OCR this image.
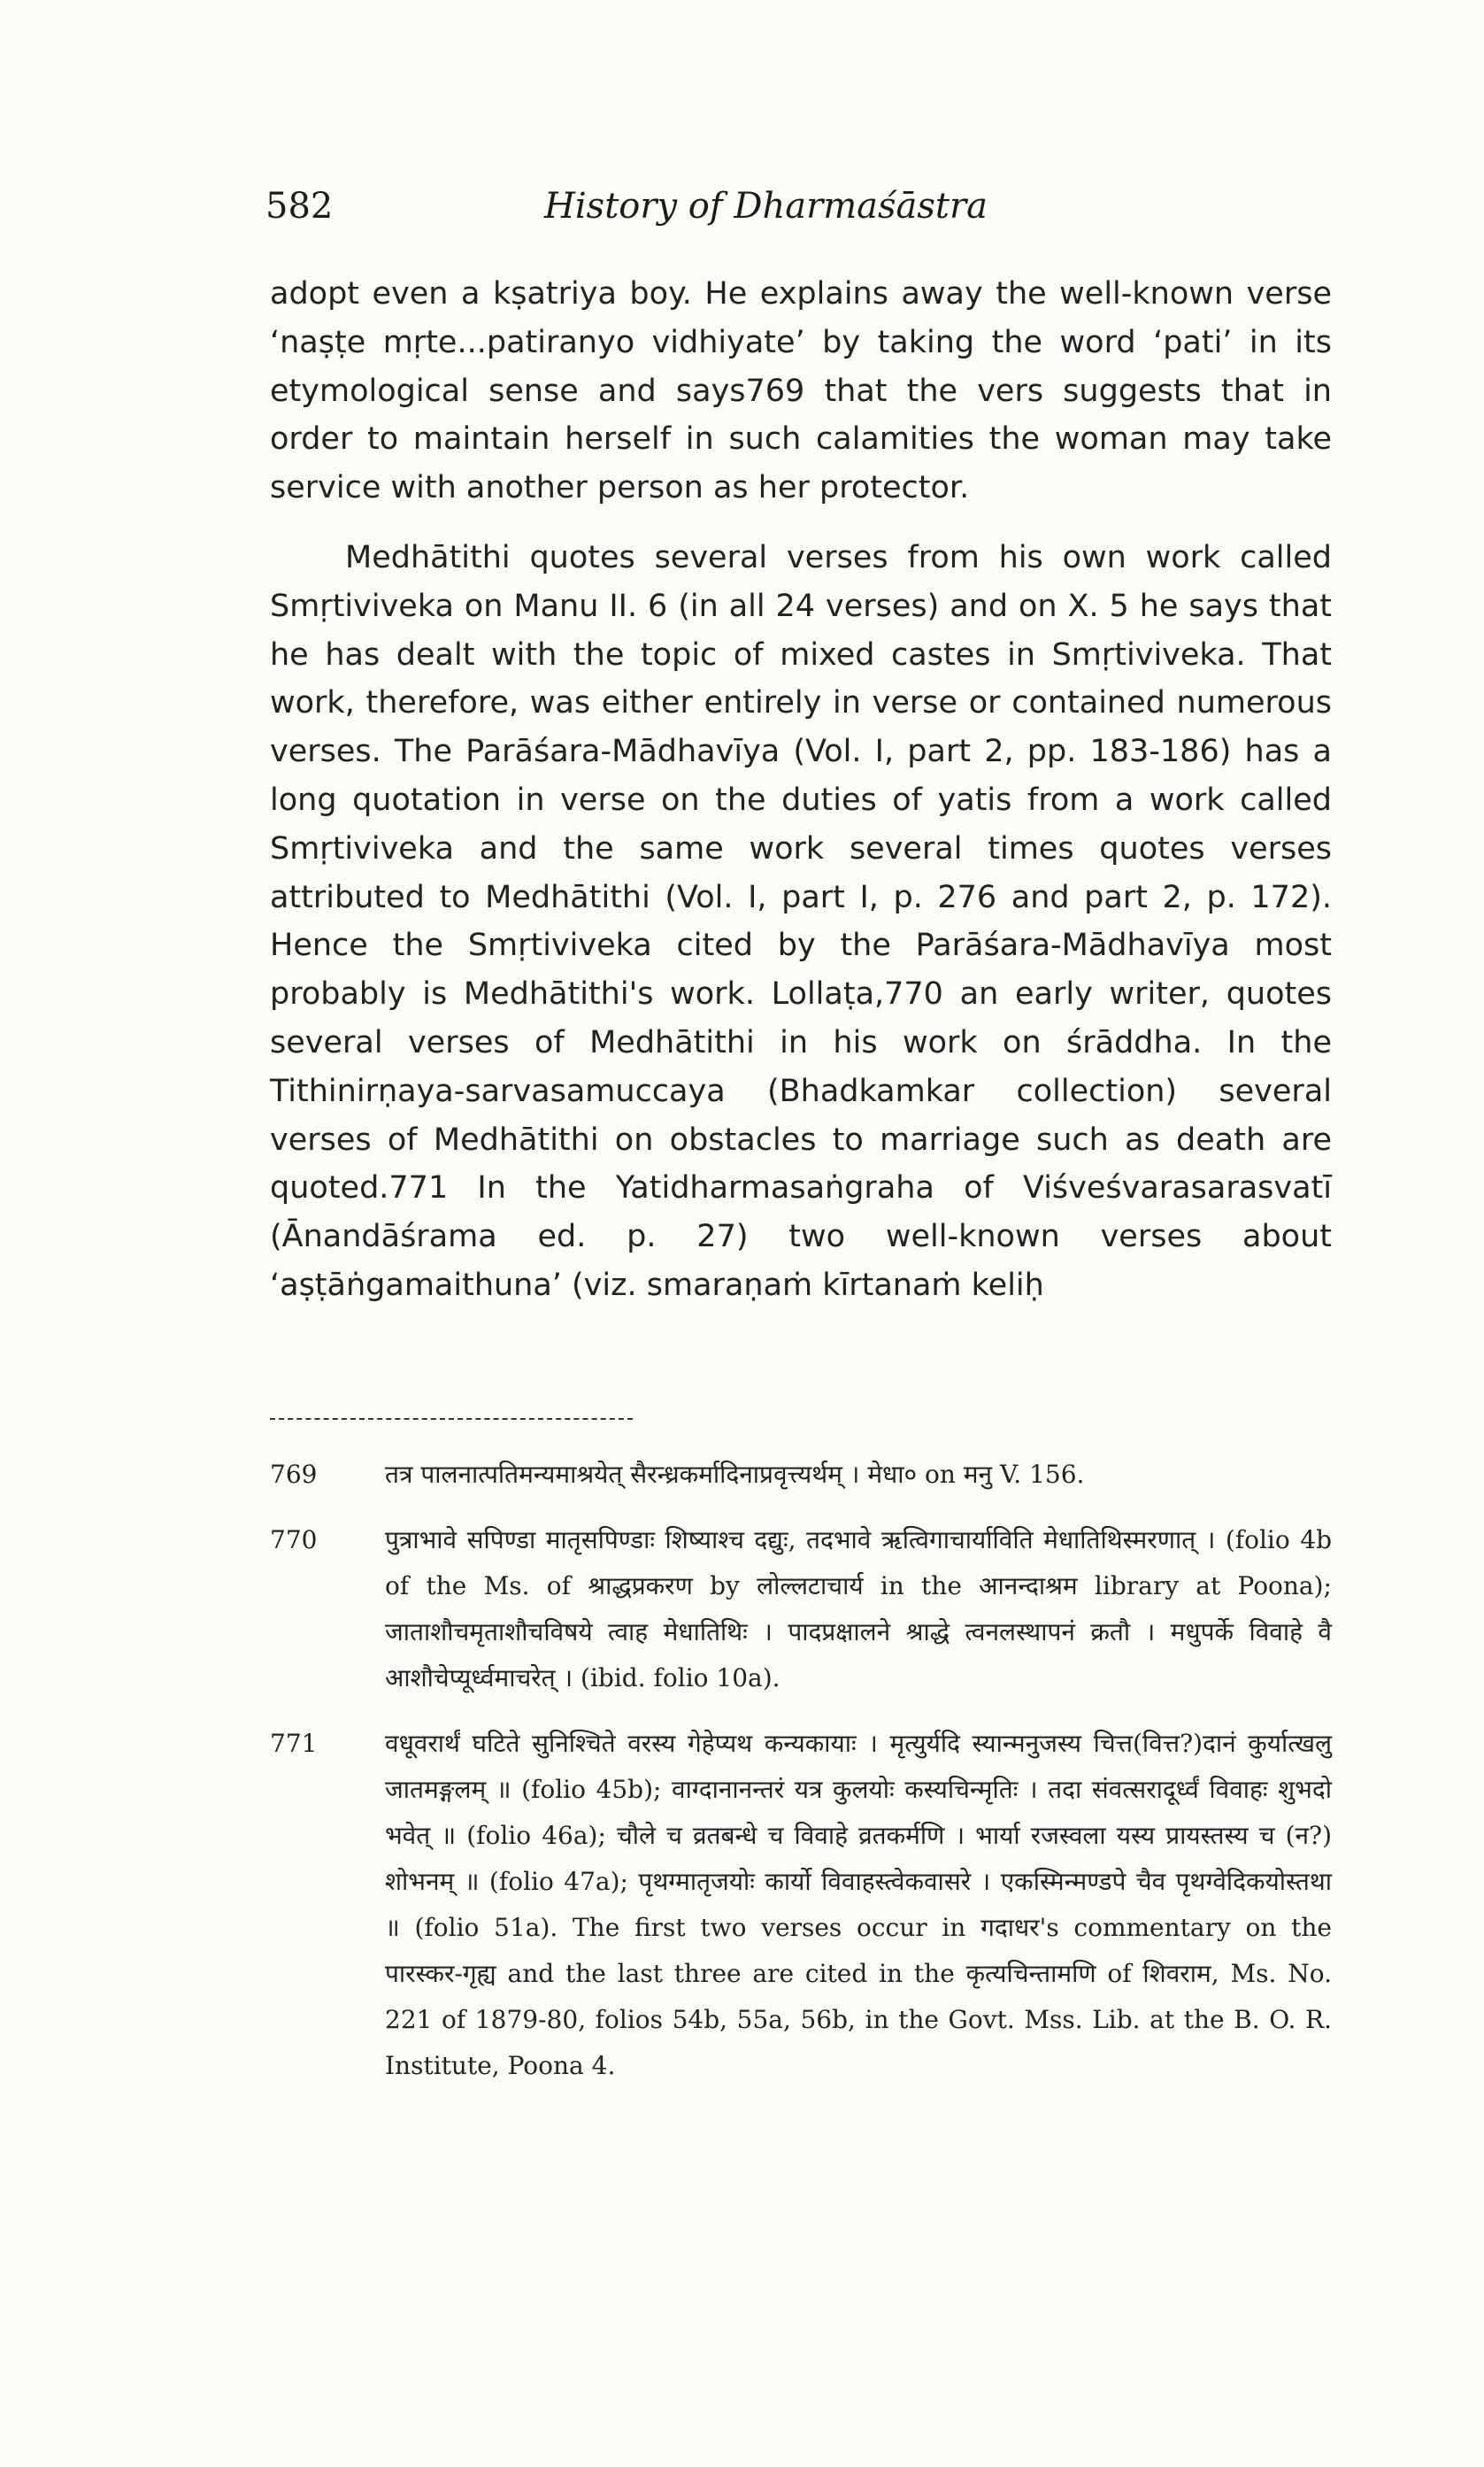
582	History of Dharmaśāstra

adopt even a kṣatriya boy. He explains away the well-known verse ‘naṣṭe mṛte...patiranyo vidhiyate’ by taking the word ‘pati’ in its etymological sense and says769 that the vers suggests that in order to maintain herself in such calamities the woman may take service with another person as her protector.

Medhātithi quotes several verses from his own work called Smṛtiviveka on Manu II. 6 (in all 24 verses) and on X. 5 he says that he has dealt with the topic of mixed castes in Smṛtiviveka. That work, therefore, was either entirely in verse or contained numerous verses. The Parāśara-Mādhavīya (Vol. I, part 2, pp. 183-186) has a long quotation in verse on the duties of yatis from a work called Smṛtiviveka and the same work several times quotes verses attributed to Medhātithi (Vol. I, part I, p. 276 and part 2, p. 172). Hence the Smṛtiviveka cited by the Parāśara-Mādhavīya most probably is Medhātithi's work. Lollaṭa,770 an early writer, quotes several verses of Medhātithi in his work on śrāddha. In the Tithinirṇaya-sarvasamuccaya (Bhadkamkar collection) several verses of Medhātithi on obstacles to marriage such as death are quoted.771 In the Yatidharmasaṅgraha of Viśveśvarasarasvatī (Ānandāśrama ed. p. 27) two well-known verses about ‘aṣṭāṅgamaithuna’ (viz. smaraṇaṁ kīrtanaṁ keliḥ

769	तत्र पालनात्पतिमन्यमाश्रयेत् सैरन्ध्रकर्मादिनाप्रवृत्त्यर्थम् । मेधा० on मनु V. 156.
770	पुत्राभावे सपिण्डा मातृसपिण्डाः शिष्याश्च दद्युः, तदभावे ऋत्विगाचार्याविति मेधातिथिस्मरणात् । (folio 4b of the Ms. of श्राद्धप्रकरण by लोल्लटाचार्य in the आनन्दाश्रम library at Poona); जाताशौचमृताशौचविषये त्वाह मेधातिथिः । पादप्रक्षालने श्राद्धे त्वनलस्थापनं क्रतौ । मधुपर्के विवाहे वै आशौचेप्यूर्ध्वमाचरेत् । (ibid. folio 10a).
771	वधूवरार्थं घटिते सुनिश्चिते वरस्य गेहेप्यथ कन्यकायाः । मृत्युर्यदि स्यान्मनुजस्य चित्त(वित्त?)दानं कुर्यात्खलु जातमङ्गलम् ॥ (folio 45b); वाग्दानानन्तरं यत्र कुलयोः कस्यचिन्मृतिः । तदा संवत्सरादूर्ध्वं विवाहः शुभदो भवेत् ॥ (folio 46a); चौले च व्रतबन्धे च विवाहे व्रतकर्मणि । भार्या रजस्वला यस्य प्रायस्तस्य च (न?) शोभनम् ॥ (folio 47a); पृथग्मातृजयोः कार्यो विवाहस्त्वेकवासरे । एकस्मिन्मण्डपे चैव पृथग्वेदिकयोस्तथा ॥ (folio 51a). The first two verses occur in गदाधर's commentary on the पारस्कर-गृह्य and the last three are cited in the कृत्यचिन्तामणि of शिवराम, Ms. No. 221 of 1879-80, folios 54b, 55a, 56b, in the Govt. Mss. Lib. at the B. O. R. Institute, Poona 4.
